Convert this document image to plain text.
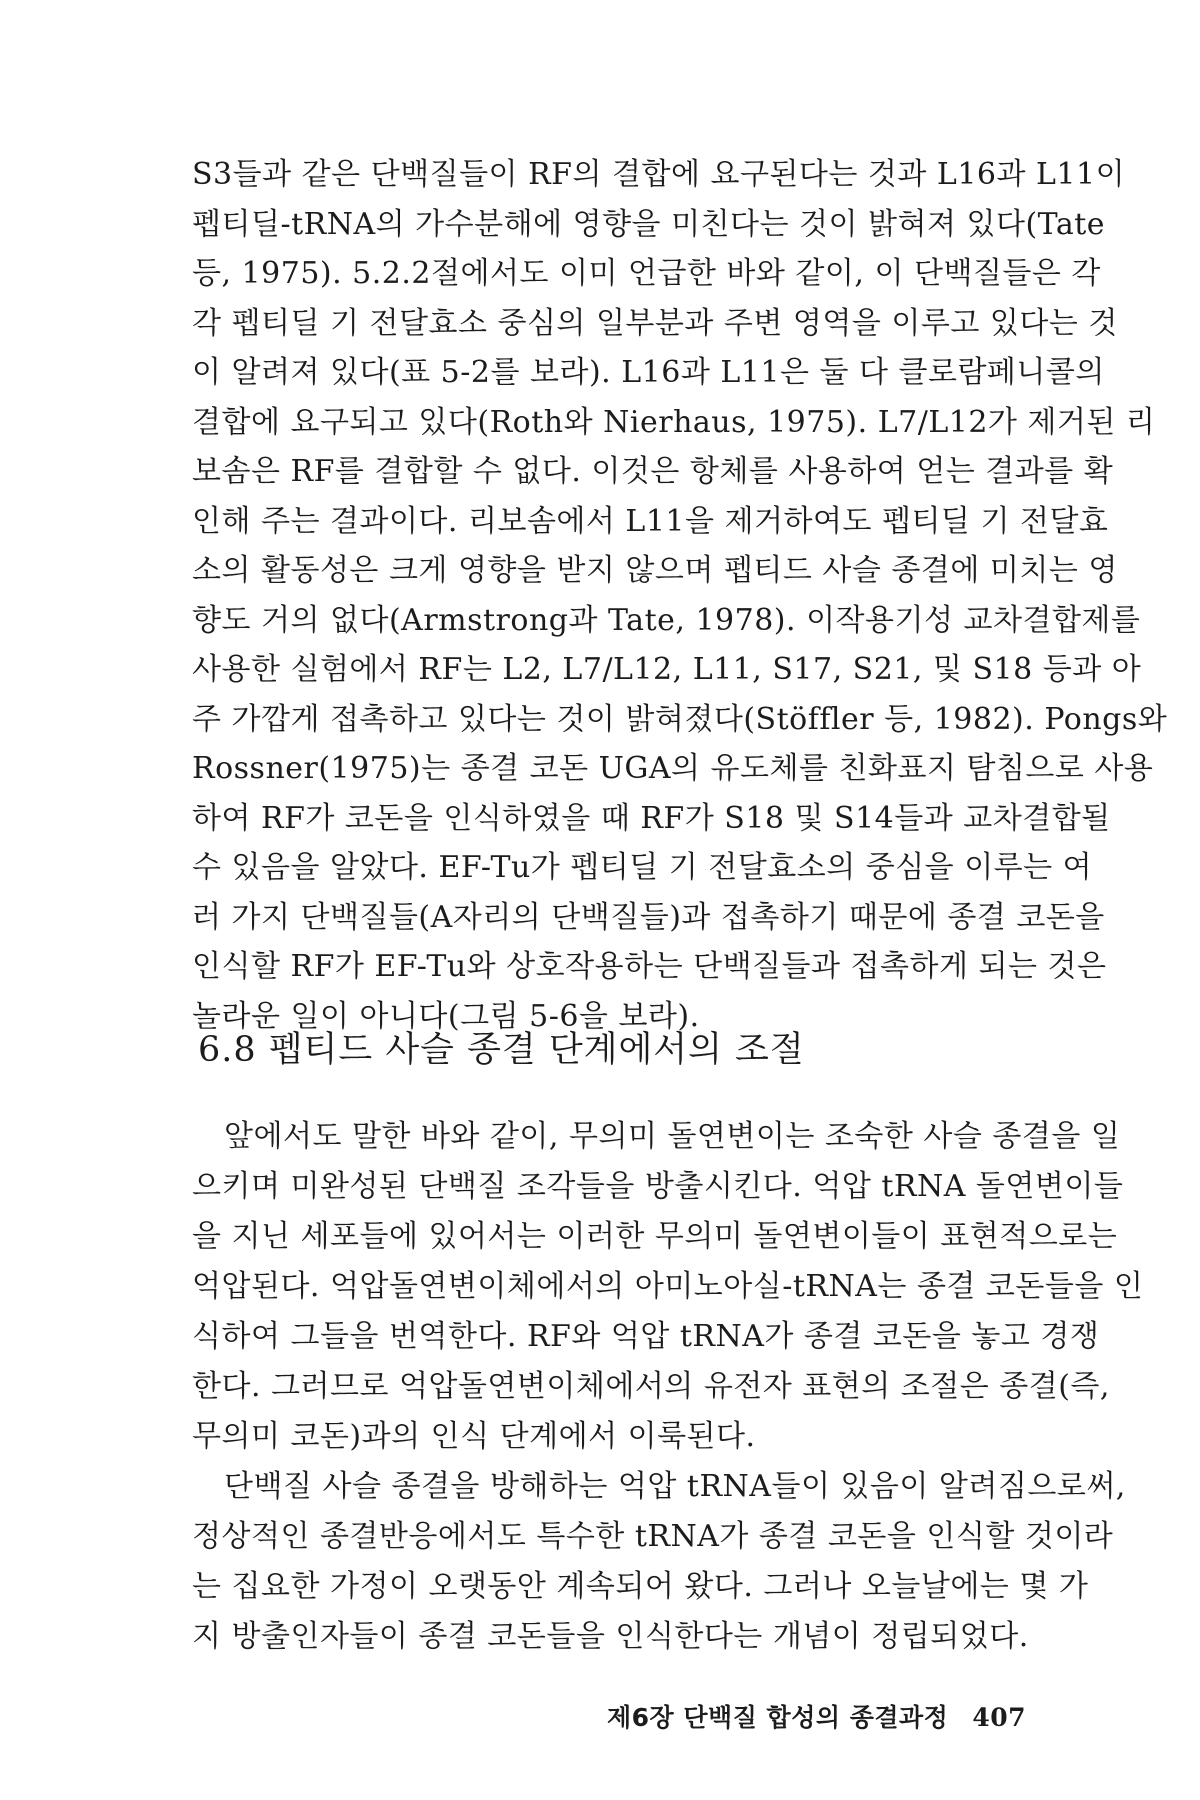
S3들과 같은 단백질들이 RF의 결합에 요구된다는 것과 L16과 L11이
펩티딜-tRNA의 가수분해에 영향을 미친다는 것이 밝혀져 있다(Tate
등, 1975). 5.2.2절에서도 이미 언급한 바와 같이, 이 단백질들은 각
각 펩티딜 기 전달효소 중심의 일부분과 주변 영역을 이루고 있다는 것
이 알려져 있다(표 5-2를 보라). L16과 L11은 둘 다 클로람페니콜의
결합에 요구되고 있다(Roth와 Nierhaus, 1975). L7/L12가 제거된 리
보솜은 RF를 결합할 수 없다. 이것은 항체를 사용하여 얻는 결과를 확
인해 주는 결과이다. 리보솜에서 L11을 제거하여도 펩티딜 기 전달효
소의 활동성은 크게 영향을 받지 않으며 펩티드 사슬 종결에 미치는 영
향도 거의 없다(Armstrong과 Tate, 1978). 이작용기성 교차결합제를
사용한 실험에서 RF는 L2, L7/L12, L11, S17, S21, 및 S18 등과 아
주 가깝게 접촉하고 있다는 것이 밝혀졌다(Stöffler 등, 1982). Pongs와
Rossner(1975)는 종결 코돈 UGA의 유도체를 친화표지 탐침으로 사용
하여 RF가 코돈을 인식하였을 때 RF가 S18 및 S14들과 교차결합될
수 있음을 알았다. EF-Tu가 펩티딜 기 전달효소의 중심을 이루는 여
러 가지 단백질들(A자리의 단백질들)과 접촉하기 때문에 종결 코돈을
인식할 RF가 EF-Tu와 상호작용하는 단백질들과 접촉하게 되는 것은
놀라운 일이 아니다(그림 5-6을 보라).
6.8 펩티드 사슬 종결 단계에서의 조절
앞에서도 말한 바와 같이, 무의미 돌연변이는 조숙한 사슬 종결을 일
으키며 미완성된 단백질 조각들을 방출시킨다. 억압 tRNA 돌연변이들
을 지닌 세포들에 있어서는 이러한 무의미 돌연변이들이 표현적으로는
억압된다. 억압돌연변이체에서의 아미노아실-tRNA는 종결 코돈들을 인
식하여 그들을 번역한다. RF와 억압 tRNA가 종결 코돈을 놓고 경쟁
한다. 그러므로 억압돌연변이체에서의 유전자 표현의 조절은 종결(즉,
무의미 코돈)과의 인식 단계에서 이룩된다.
단백질 사슬 종결을 방해하는 억압 tRNA들이 있음이 알려짐으로써,
정상적인 종결반응에서도 특수한 tRNA가 종결 코돈을 인식할 것이라
는 집요한 가정이 오랫동안 계속되어 왔다. 그러나 오늘날에는 몇 가
지 방출인자들이 종결 코돈들을 인식한다는 개념이 정립되었다.
제6장 단백질 합성의 종결과정 407
